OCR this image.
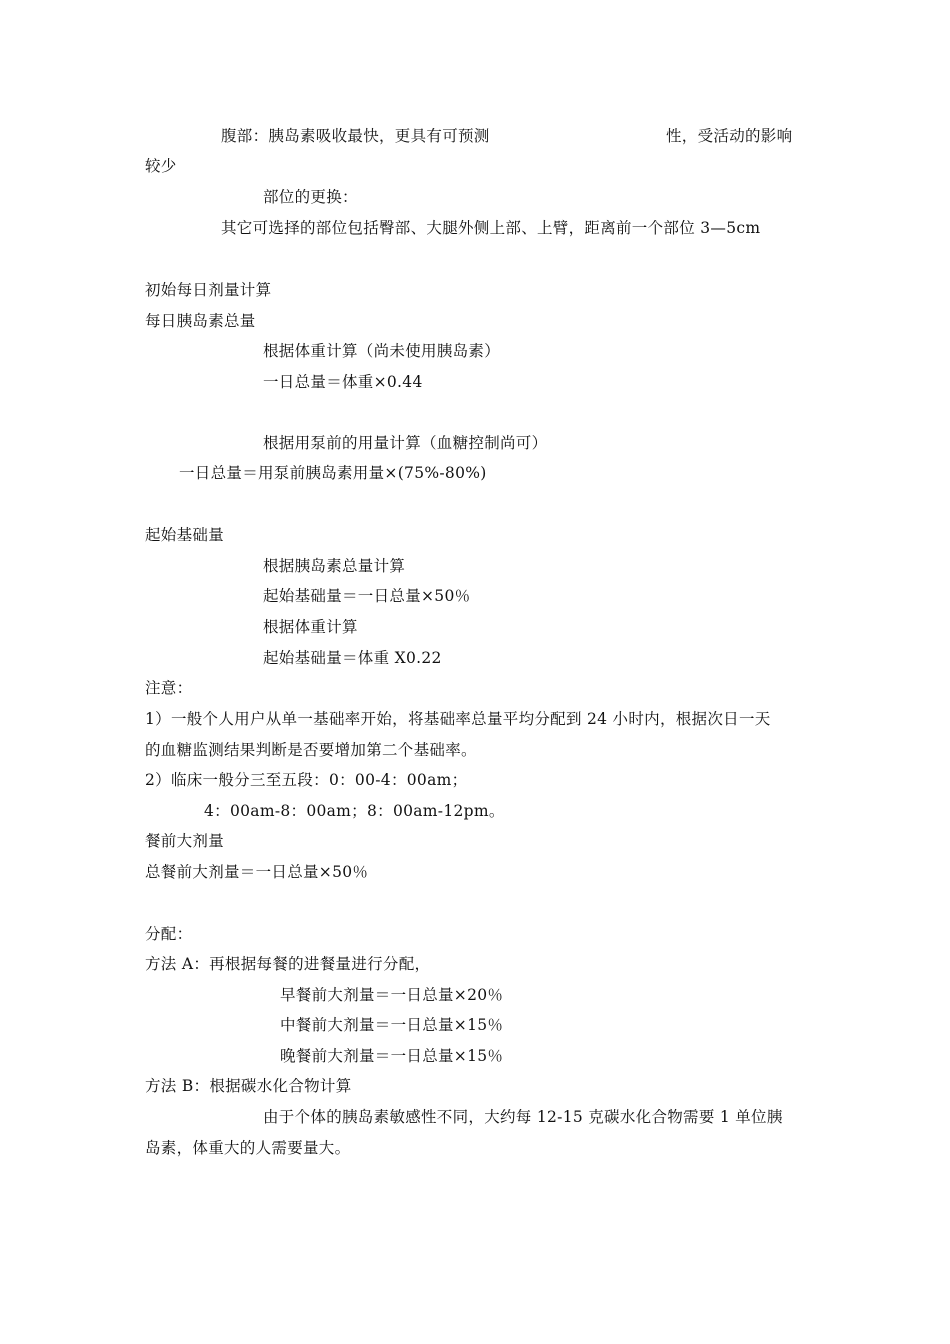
腹部：胰岛素吸收最快，更具有可预测	性，受活动的影响
较少
部位的更换：
其它可选择的部位包括臀部、大腿外侧上部、上臂，距离前一个部位 3—5cm
初始每日剂量计算
每日胰岛素总量
根据体重计算（尚未使用胰岛素）
一日总量＝体重×0.44
根据用泵前的用量计算（血糖控制尚可）
一日总量＝用泵前胰岛素用量×(75%-80%)
起始基础量
根据胰岛素总量计算
起始基础量＝一日总量×50％
根据体重计算
起始基础量＝体重 X0.22
注意：
1）一般个人用户从单一基础率开始，将基础率总量平均分配到 24 小时内，根据次日一天
的血糖监测结果判断是否要增加第二个基础率。
2）临床一般分三至五段：0：00-4：00am；
4：00am-8：00am；8：00am-12pm。
餐前大剂量
总餐前大剂量＝一日总量×50％
分配：
方法 A：再根据每餐的进餐量进行分配，
早餐前大剂量＝一日总量×20％
中餐前大剂量＝一日总量×15％
晚餐前大剂量＝一日总量×15％
方法 B：根据碳水化合物计算
由于个体的胰岛素敏感性不同，大约每 12-15 克碳水化合物需要 1 单位胰
岛素，体重大的人需要量大。
